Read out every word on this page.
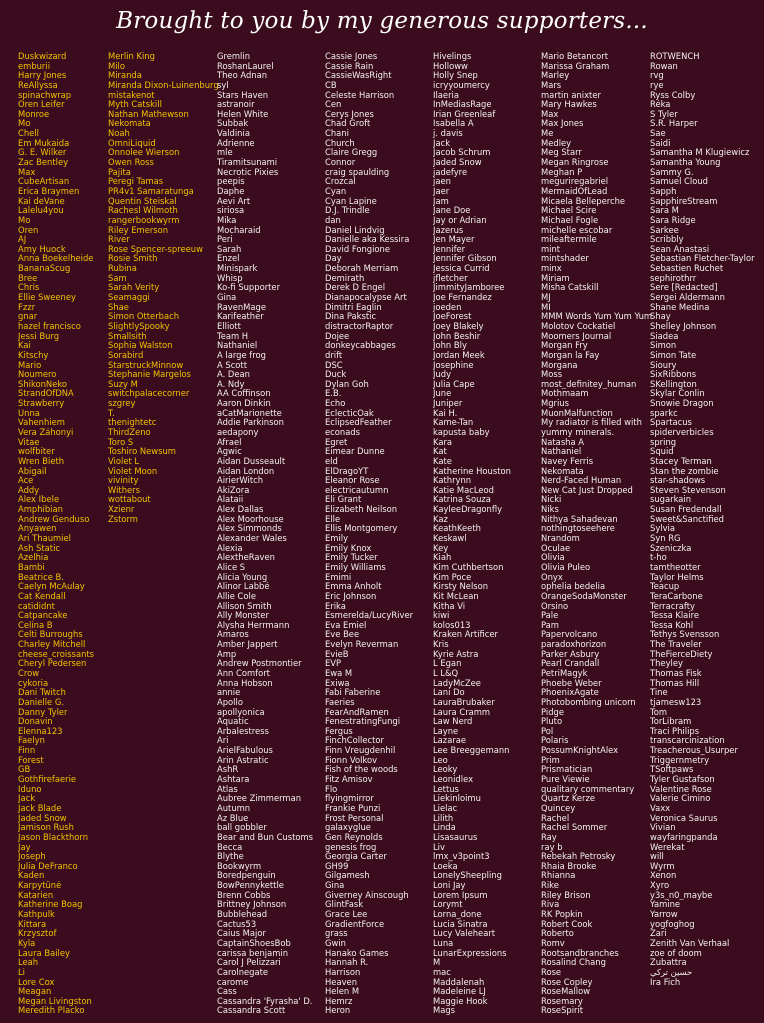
Brought to you by my generous supporters...
Duskwizard
emburii
Harry Jones
ReAllyssa
spinachwrap
Oren Leifer
Monroe
Mo
Chell
Em Mukaida
G. E. Wilker
Zac Bentley
Max
CubeArtisan
Erica Braymen
Kai deVane
Lalelu4you
Mo
Oren
AJ
Amy Huock
Anna Boekelheide
BananaScug
Bree
Chris
Ellie Sweeney
Fzzr
gnar
hazel francisco
Jessi Burg
Kai
Kitschy
Mario
Noumero
ShikonNeko
StrandOfDNA
Strawberry
Unna
Vahenhiem
Vera Záhonyi
Vitae
wolfbiter
Wren Bieth
Abigail
Ace
Addy
Alex Ibele
Amphibian
Andrew Genduso
Anyawen
Ari Thaumiel
Ash Static
Azelhia
Bambi
Beatrice B.
Caelyn McAulay
Cat Kendall
catididnt
Catpancake
Celina B
Celti Burroughs
Charley Mitchell
cheese_croissants
Cheryl Pedersen
Crow
cykoria
Dani Twitch
Danielle G.
Danny Tyler
Donavin
Elenna123
Faelyn
Finn
Forest
GB
Gothfirefaerie
Iduno
Jack
Jack Blade
Jaded Snow
Jamison Rush
Jason Blackthorn
Jay
Joseph
Julia DeFranco
Kaden
Karpytünė
Katarien
Katherine Boag
Kathpulk
Kittara
Krzysztof
Kyla
Laura Bailey
Leah
Li
Lore Cox
Meagan
Megan Livingston
Meredith Placko
Merlin King
Milo
Miranda
Miranda Dixon-Luinenburg
mistakenot
Myth Catskill
Nathan Mathewson
Nekomata
Noah
OmniLiquid
Onnolee Wierson
Owen Ross
Pajita
Peregi Tamas
PR4v1 Samaratunga
Quentin Steiskal
Rachesl Wilmoth
rangerbookwyrm
Riley Emerson
River
Rose Spencer-spreeuw
Rosie Smith
Rubina
Sam
Sarah Verity
Seamaggi
Shae
Simon Otterbach
SlightlySpooky
Smallsith
Sophia Walston
Sorabird
StarstruckMinnow
Stephanie Margelos
Suzy M
switchpalacecorner
szgrey
T.
thenightetc
ThirdZeno
Toro S
Toshiro Newsum
Violet L
Violet Moon
vivinity
Withers
wottabout
Xzienr
Zstorm
Gremlin
RoshanLaurel
Theo Adnan
syl
Stars Haven
astranoir
Helen White
Subbak
Valdinia
Adrienne
mle
Tiramitsunami
Necrotic Pixies
peepis
Daphe
Aevi Art
siriosa
Mika
Mocharaid
Peri
Sarah
Enzel
Minispark
Whisp
Ko-fi Supporter
Gina
RavenMage
Karifeather
Elliott
Team H
Nathaniel
A large frog
A Scott
A. Dean
A. Ndy
AA Coffinson
Aaron Dinkin
aCatMarionette
Addie Parkinson
aedapony
Afrael
Agwic
Aidan Dusseault
Aidan London
AirierWitch
AkiZora
Alataii
Alex Dallas
Alex Moorhouse
Alex Simmonds
Alexander Wales
Alexia
AlextheRaven
Alice S
Alicia Young
Alinor Labbé
Allie Cole
Allison Smith
Ally Monster
Alysha Herrmann
Amaros
Amber Jappert
Amp
Andrew Postmontier
Ann Comfort
Anna Hobson
annie
Apollo
apollyonica
Aquatic
Arbalestress
Ari
ArielFabulous
Arin Astratic
AshR
Ashtara
Atlas
Aubree Zimmerman
Autumn
Az Blue
ball gobbler
Bear and Bun Customs
Becca
Blythe
Bookwyrm
Boredpenguin
BowPennykettle
Brenn Cobbs
Brittney Johnson
Bubblehead
Cactus53
Caius Major
CaptainShoesBob
carissa benjamin
Carol J Pelizzari
Carolnegate
carome
Cass
Cassandra 'Fyrasha' D.
Cassandra Scott
Cassie Jones
Cassie Rain
CassieWasRight
CB
Celeste Harrison
Cen
Cerys Jones
Chad Groft
Chani
Church
Claire Gregg
Connor
craig spaulding
Crozcal
Cyan
Cyan Lapine
D.J. Trindle
dan
Daniel Lindvig
Danielle aka Kessira
David Fongione
Day
Deborah Merriam
Demirath
Derek D Engel
Dianapocalypse Art
Dimitri Eaglin
Dina Pakstic
distractorRaptor
Dojee
donkeycabbages
drift
DSC
Duck
Dylan Goh
E.B.
Echo
EclecticOak
EclipsedFeather
econads
Egret
Eimear Dunne
eld
ElDragoYT
Eleanor Rose
electricautumn
Eli Grant
Elizabeth Neilson
Elle
Ellis Montgomery
Emily
Emily Knox
Emily Tucker
Emily Williams
Emimi
Emma Anholt
Eric Johnson
Erika
Esmerelda/LucyRiver
Eva Emiel
Eve Bee
Evelyn Reverman
EvieB
EVP
Ewa M
Exiwa
Fabi Faberine
Faeries
FearAndRamen
FenestratingFungi
Fergus
FinchCollector
Finn Vreugdenhil
Fionn Volkov
Fish of the woods
Fitz Amisov
Flo
flyingmirror
Frankie Punzi
Frost Personal
galaxyglue
Gen Reynolds
genesis frog
Georgia Carter
GH99
Gilgamesh
Gina
Giverney Ainscough
GlintFask
Grace Lee
GradientForce
grass
Gwin
Hanako Games
Hannah R.
Harrison
Heaven
Helen M
Hemrz
Heron
Hivelings
Holloww
Holly Snep
icryyoumercy
Ilaeria
InMediasRage
Irian Greenleaf
Isabella A
j. davis
Jack
Jacob Schrum
Jaded Snow
jadefyre
jaen
Jaer
Jam
Jane Doe
Jay or Adrian
Jazerus
Jen Mayer
Jennifer
Jennifer Gibson
Jessica Currid
jfletcher
JimmityJamboree
Joe Fernandez
joeden
JoeForest
Joey Blakely
John Beshir
John Bly
Jordan Meek
Josephine
Judy
Julia Cape
June
Juniper
Kai H.
Kame-Tan
kapusta baby
Kara
Kat
Kate
Katherine Houston
Kathrynn
Katie MacLeod
Katrina Souza
KayleeDragonfly
Kaz
KeathKeeth
Keskawl
Key
Kiah
Kim Cuthbertson
Kim Poce
Kirsty Nelson
Kit McLean
Kitha Vi
kiwi
kolos013
Kraken Artificer
Kris
Kyrie Astra
L Egan
L L&Q
LadyMcZee
Lani Do
LauraBrubaker
Laura Cramm
Law Nerd
Layne
Lazarae
Lee Breeggemann
Leo
Leoky
Leonidlex
Lettus
Liekinloimu
Lielac
Lilith
Linda
Lisasaurus
Liv
lmx_v3point3
Loeka
LonelySheepling
Loni Jay
Lorem Ipsum
Lorymt
Lorna_done
Lucia Sinatra
Lucy Valeheart
Luna
LunarExpressions
M
mac
Maddalenah
Madeleine LJ
Maggie Hook
Mags
Mario Betancort
Marissa Graham
Marley
Mars
martin anixter
Mary Hawkes
Max
Max Jones
Me
Medley
Meg Starr
Megan Ringrose
Meghan P
meguriregabriel
MermaidOfLead
Micaela Belleperche
Michael Scire
Michael Fogle
michelle escobar
mileaftermile
mint
mintshader
minx
Miriam
Misha Catskill
MJ
MI
MMM Words Yum Yum Yum
Molotov Cockatiel
Moomers Journal
Morgan Fry
Morgan la Fay
Morgana
Moss
most_definitey_human
Mothmaam
Mgrius
MuonMalfunction
My radiator is filled with
yummy minerals.
Natasha A
Nathaniel
Navey Ferris
Nekomata
Nerd-Faced Human
New Cat Just Dropped
Nicki
Niks
Nithya Sahadevan
nothingtoseehere
Nrandom
Oculae
Olivia
Olivia Puleo
Onyx
ophelia bedelia
OrangeSodaMonster
Orsino
Pale
Pam
Papervolcano
paradoxhorizon
Parker Asbury
Pearl Crandall
PetriMagyk
Phoebe Weber
PhoenixAgate
Photobombing unicorn
Pidge
Pluto
Pol
Polaris
PossumKnightAlex
Prim
Prismatician
Pure Viewie
qualitary commentary
Quartz Kerze
Quincey
Rachel
Rachel Sommer
Ray
ray b
Rebekah Petrosky
Rhaia Brooke
Rhianna
Rike
Riley Brison
Riva
RK Popkin
Robert Cook
Roberto
Romv
Rootsandbranches
Rosalind Chang
Rose
Rose Copley
RoseMallow
Rosemary
RoseSpirit
ROTWENCH
Rowan
rvg
rye
Ryss Colby
Réka
S Tyler
S.R. Harper
Sae
Saidi
Samantha M Klugiewicz
Samantha Young
Sammy G.
Samuel Cloud
Sapph
SapphireStream
Sara M
Sara Ridge
Sarkee
Scribbly
Sean Anastasi
Sebastian Fletcher-Taylor
Sebastien Ruchet
sephirothrr
Sere [Redacted]
Sergei Aldermann
Shane Medina
Shay
Shelley Johnson
Siadea
Simon
Simon Tate
Sioury
SixRibbons
SKellington
Skylar Conlin
Snowie Dragon
sparkc
Spartacus
spiderverbicles
spring
Squid
Stacey Terman
Stan the zombie
star-shadows
Steven Stevenson
sugarkain
Susan Fredendall
Sweet&Sanctified
Sylvia
Syn RG
Szeniczka
t-ho
tamtheotter
Taylor Helms
Teacup
TeraCarbone
Terracrafty
Tessa Klaire
Tessa Kohl
Tethys Svensson
The Traveler
TheFierceDiety
Theyley
Thomas Fisk
Thomas Hill
Tine
tjamesw123
Tom
TorLibram
Traci Philips
transcarcinization
Treacherous_Usurper
Triggernmetry
TSoftpaws
Tyler Gustafson
Valentine Rose
Valerie Cimino
Vaxx
Veronica Saurus
Vivian
wayfaringpanda
Werekat
will
Wyrm
Xenon
Xyro
y3s_n0_maybe
Yamine
Yarrow
yogfoghog
Zari
Zenith Van Verhaal
zoe of doom
Zubattra
حسين تركي
Ira Fich
